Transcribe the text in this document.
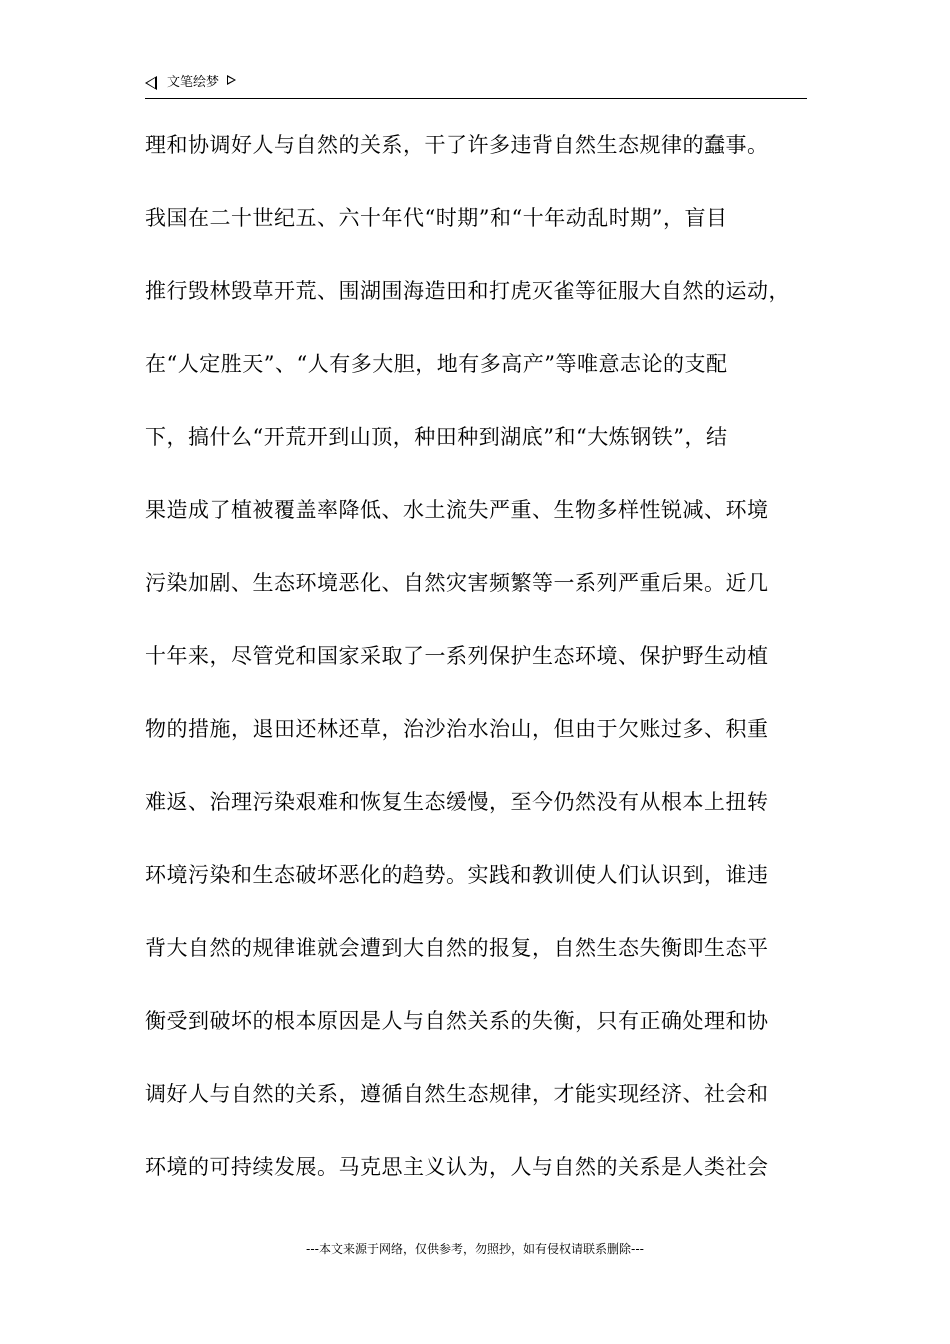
文笔绘梦
理和协调好人与自然的关系，干了许多违背自然生态规律的蠢事。
我国在二十世纪五、六十年代“时期”和“十年动乱时期”，盲目
推行毁林毁草开荒、围湖围海造田和打虎灭雀等征服大自然的运动，
在“人定胜天”、“人有多大胆，地有多高产”等唯意志论的支配
下，搞什么“开荒开到山顶，种田种到湖底”和“大炼钢铁”，结
果造成了植被覆盖率降低、水土流失严重、生物多样性锐减、环境
污染加剧、生态环境恶化、自然灾害频繁等一系列严重后果。近几
十年来，尽管党和国家采取了一系列保护生态环境、保护野生动植
物的措施，退田还林还草，治沙治水治山，但由于欠账过多、积重
难返、治理污染艰难和恢复生态缓慢，至今仍然没有从根本上扭转
环境污染和生态破坏恶化的趋势。实践和教训使人们认识到，谁违
背大自然的规律谁就会遭到大自然的报复，自然生态失衡即生态平
衡受到破坏的根本原因是人与自然关系的失衡，只有正确处理和协
调好人与自然的关系，遵循自然生态规律，才能实现经济、社会和
环境的可持续发展。马克思主义认为，人与自然的关系是人类社会
---本文来源于网络，仅供参考，勿照抄，如有侵权请联系删除---
